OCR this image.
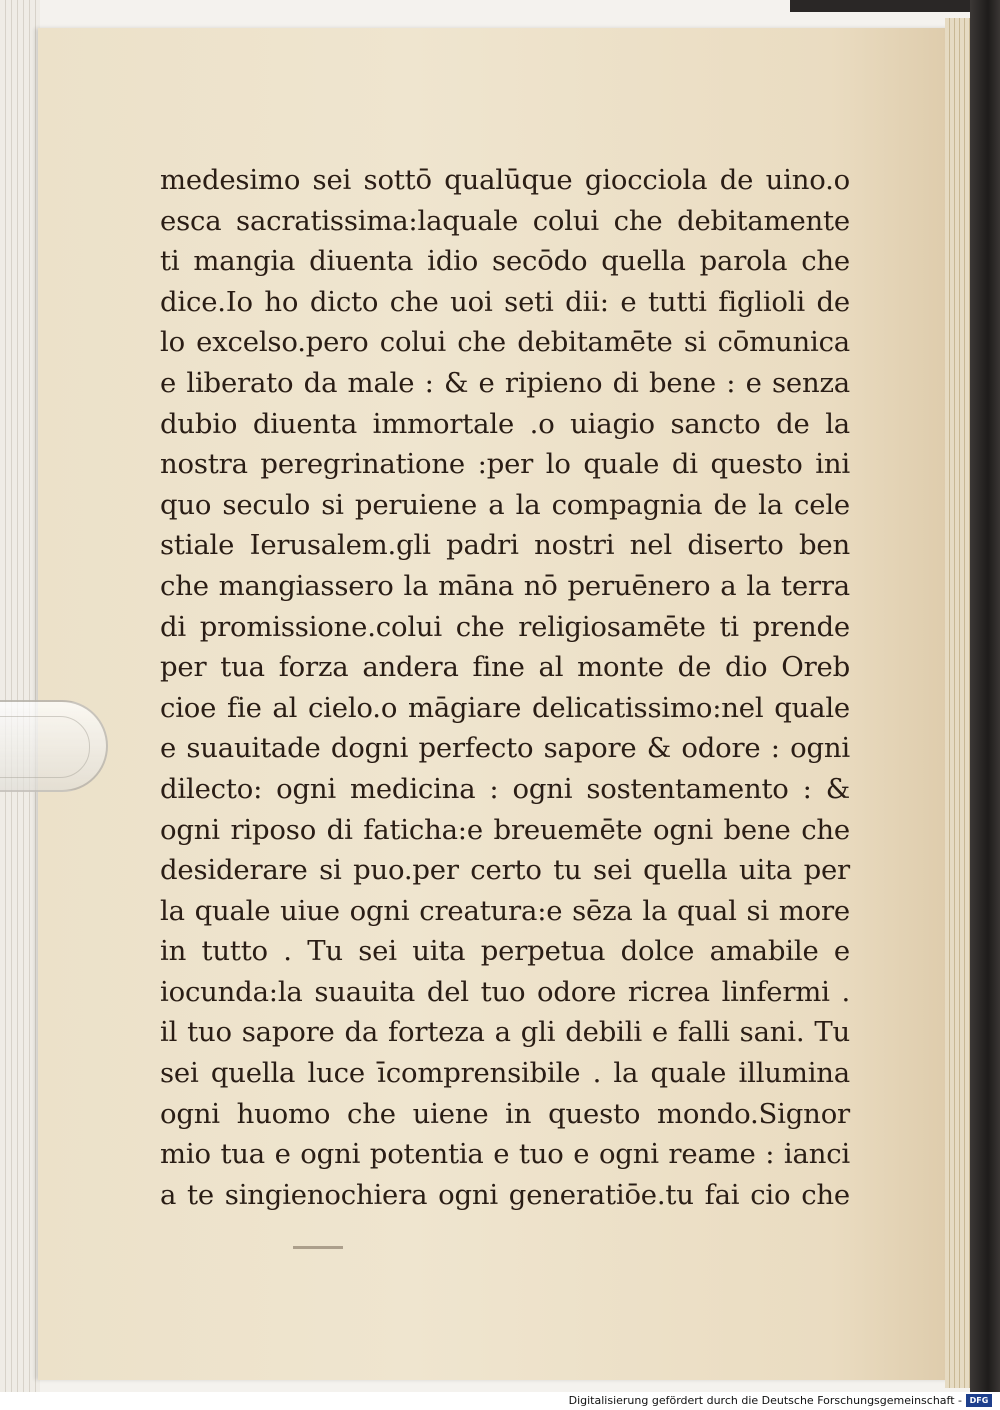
medesimo sei sottō qualūque giocciola de uino.o
esca sacratissima:laquale colui che debitamente
ti mangia diuenta idio secōdo quella parola che
dice.Io ho dicto che uoi seti dii: e tutti figlioli de
lo excelso.pero colui che debitamēte si cōmunica
e liberato da male : & e ripieno di bene : e senza
dubio diuenta immortale .o uiagio sancto de la
nostra peregrinatione :per lo quale di questo ini
quo seculo si peruiene a la compagnia de la cele
stiale Ierusalem.gli padri nostri nel diserto ben
che mangiassero la māna nō peruēnero a la terra
di promissione.colui che religiosamēte ti prende
per tua forza andera fine al monte de dio Oreb
cioe fie al cielo.o māgiare delicatissimo:nel quale
e suauitade dogni perfecto sapore & odore : ogni
dilecto: ogni medicina : ogni sostentamento : &
ogni riposo di faticha:e breuemēte ogni bene che
desiderare si puo.per certo tu sei quella uita per
la quale uiue ogni creatura:e sēza la qual si more
in tutto . Tu sei uita perpetua dolce amabile e
iocunda:la suauita del tuo odore ricrea linfermi .
il tuo sapore da forteza a gli debili e falli sani. Tu
sei quella luce īcomprensibile . la quale illumina
ogni huomo che uiene in questo mondo.Signor
mio tua e ogni potentia e tuo e ogni reame : ianci
a te singienochiera ogni generatiōe.tu fai cio che
Digitalisierung gefördert durch die Deutsche Forschungsgemeinschaft - DFG
